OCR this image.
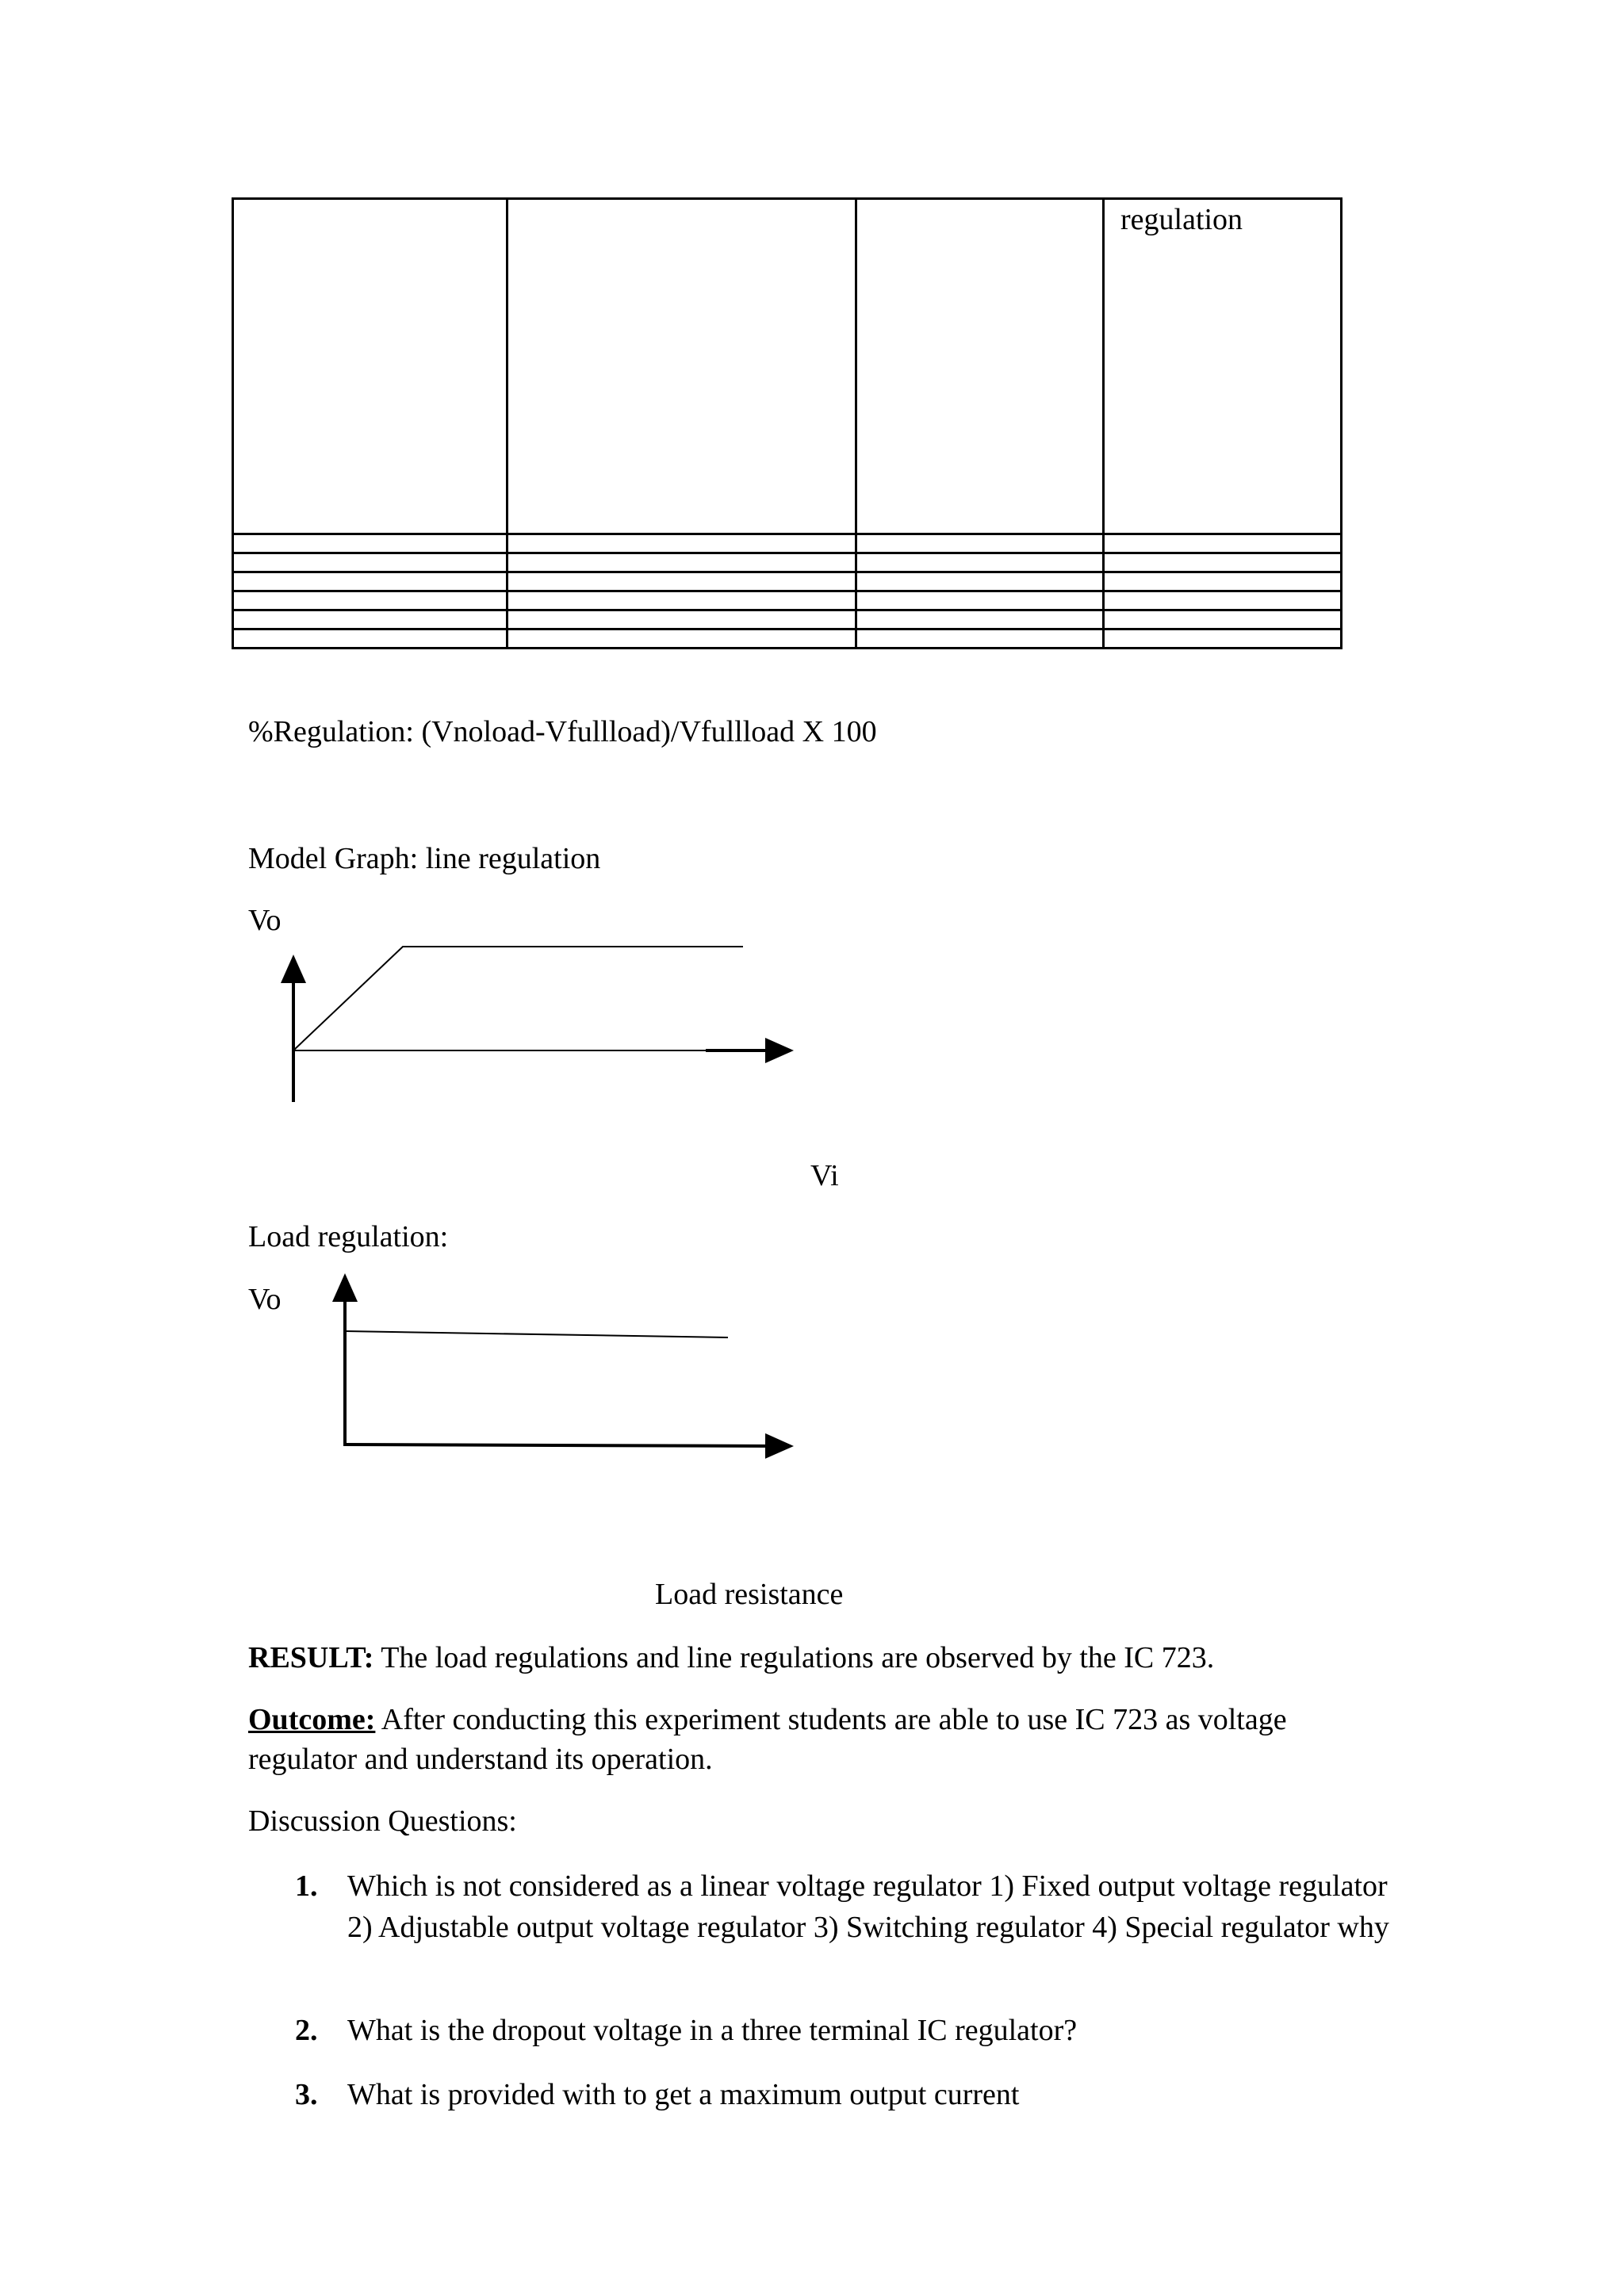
			regulation

%Regulation: (Vnoload-Vfullload)/Vfullload X 100
Model Graph: line regulation
Vo
Vi
Load regulation:
Vo
Load resistance
RESULT: The load regulations and line regulations are observed by the IC 723.
Outcome: After conducting this experiment students are able to use IC 723 as voltage
regulator and understand its operation.
Discussion Questions:
1. Which is not considered as a linear voltage regulator 1) Fixed output voltage regulator 2) Adjustable output voltage regulator 3) Switching regulator 4) Special regulator why
2. What is the dropout voltage in a three terminal IC regulator?
3. What is provided with to get a maximum output current
